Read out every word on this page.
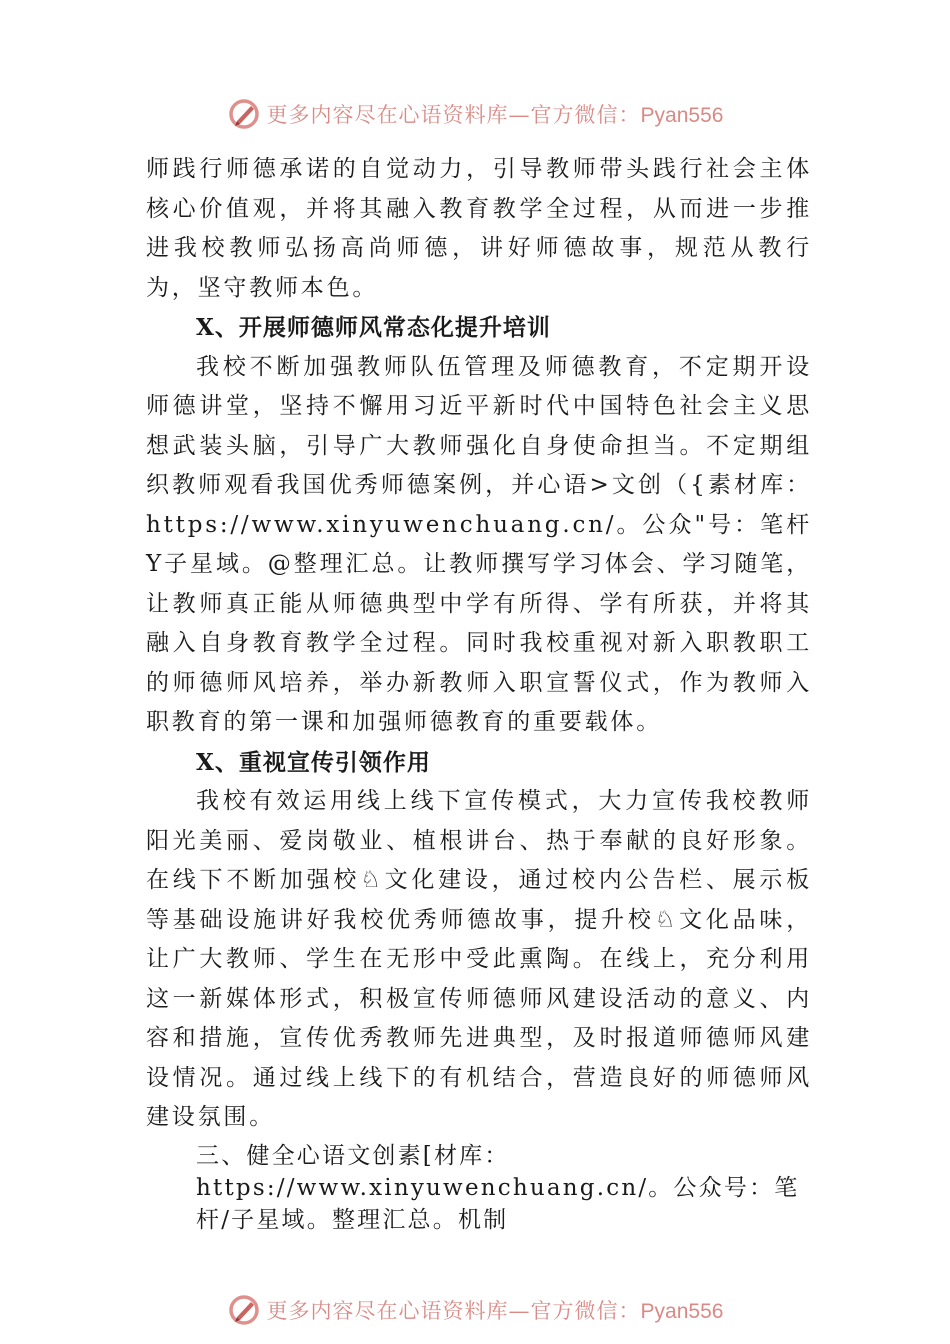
更多内容尽在心语资料库—官方微信：Pyan556

师践行师德承诺的自觉动力，引导教师带头践行社会主体核心价值观，并将其融入教育教学全过程，从而进一步推进我校教师弘扬高尚师德，讲好师德故事，规范从教行为，坚守教师本色。

X、开展师德师风常态化提升培训

我校不断加强教师队伍管理及师德教育，不定期开设师德讲堂，坚持不懈用习近平新时代中国特色社会主义思想武装头脑，引导广大教师强化自身使命担当。不定期组织教师观看我国优秀师德案例，并心语>文创（{素材库：https://www.xinyuwenchuang.cn/。公众"号：笔杆Y子星域。@整理汇总。让教师撰写学习体会、学习随笔， 让教师真正能从师德典型中学有所得、学有所获，并将其融入自身教育教学全过程。同时我校重视对新入职教职工的师德师风培养，举办新教师入职宣誓仪式，作为教师入职教育的第一课和加强师德教育的重要载体。

X、重视宣传引领作用

我校有效运用线上线下宣传模式，大力宣传我校教师阳光美丽、爱岗敬业、植根讲台、热于奉献的良好形象。在线下不断加强校♘文化建设，通过校内公告栏、展示板等基础设施讲好我校优秀师德故事，提升校♘文化品味，让广大教师、学生在无形中受此熏陶。在线上，充分利用这一新媒体形式，积极宣传师德师风建设活动的意义、内容和措施，宣传优秀教师先进典型，及时报道师德师风建设情况。通过线上线下的有机结合，营造良好的师德师风建设氛围。

三、健全心语文创素[材库：https://www.xinyuwenchuang.cn/。公众号：笔杆/子星域。整理汇总。机制

更多内容尽在心语资料库—官方微信：Pyan556
